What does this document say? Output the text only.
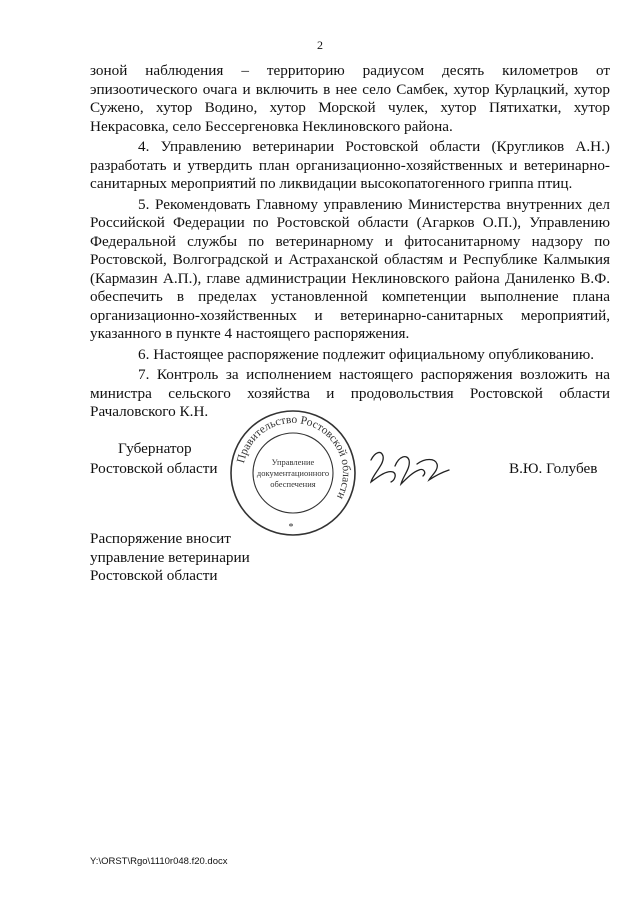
2

зоной наблюдения – территорию радиусом десять километров от эпизоотического очага и включить в нее село Самбек, хутор Курлацкий, хутор Сужено, хутор Водино, хутор Морской чулек, хутор Пятихатки, хутор Некрасовка, село Бессергеновка Неклиновского района.

4. Управлению ветеринарии Ростовской области (Кругликов А.Н.) разработать и утвердить план организационно-хозяйственных и ветеринарно-санитарных мероприятий по ликвидации высокопатогенного гриппа птиц.

5. Рекомендовать Главному управлению Министерства внутренних дел Российской Федерации по Ростовской области (Агарков О.П.), Управлению Федеральной службы по ветеринарному и фитосанитарному надзору по Ростовской, Волгоградской и Астраханской областям и Республике Калмыкия (Кармазин А.П.), главе администрации Неклиновского района Даниленко В.Ф. обеспечить в пределах установленной компетенции выполнение плана организационно-хозяйственных и ветеринарно-санитарных мероприятий, указанного в пункте 4 настоящего распоряжения.

6. Настоящее распоряжение подлежит официальному опубликованию.

7. Контроль за исполнением настоящего распоряжения возложить на министра сельского хозяйства и продовольствия Ростовской области Рачаловского К.Н.

Губернатор
Ростовской области
Правительство Ростовской области
Управление
документационного
обеспечения
*
В.Ю. Голубев
Распоряжение вносит
управление ветеринарии
Ростовской области
Y:\ORST\Rgo\1110r048.f20.docx
